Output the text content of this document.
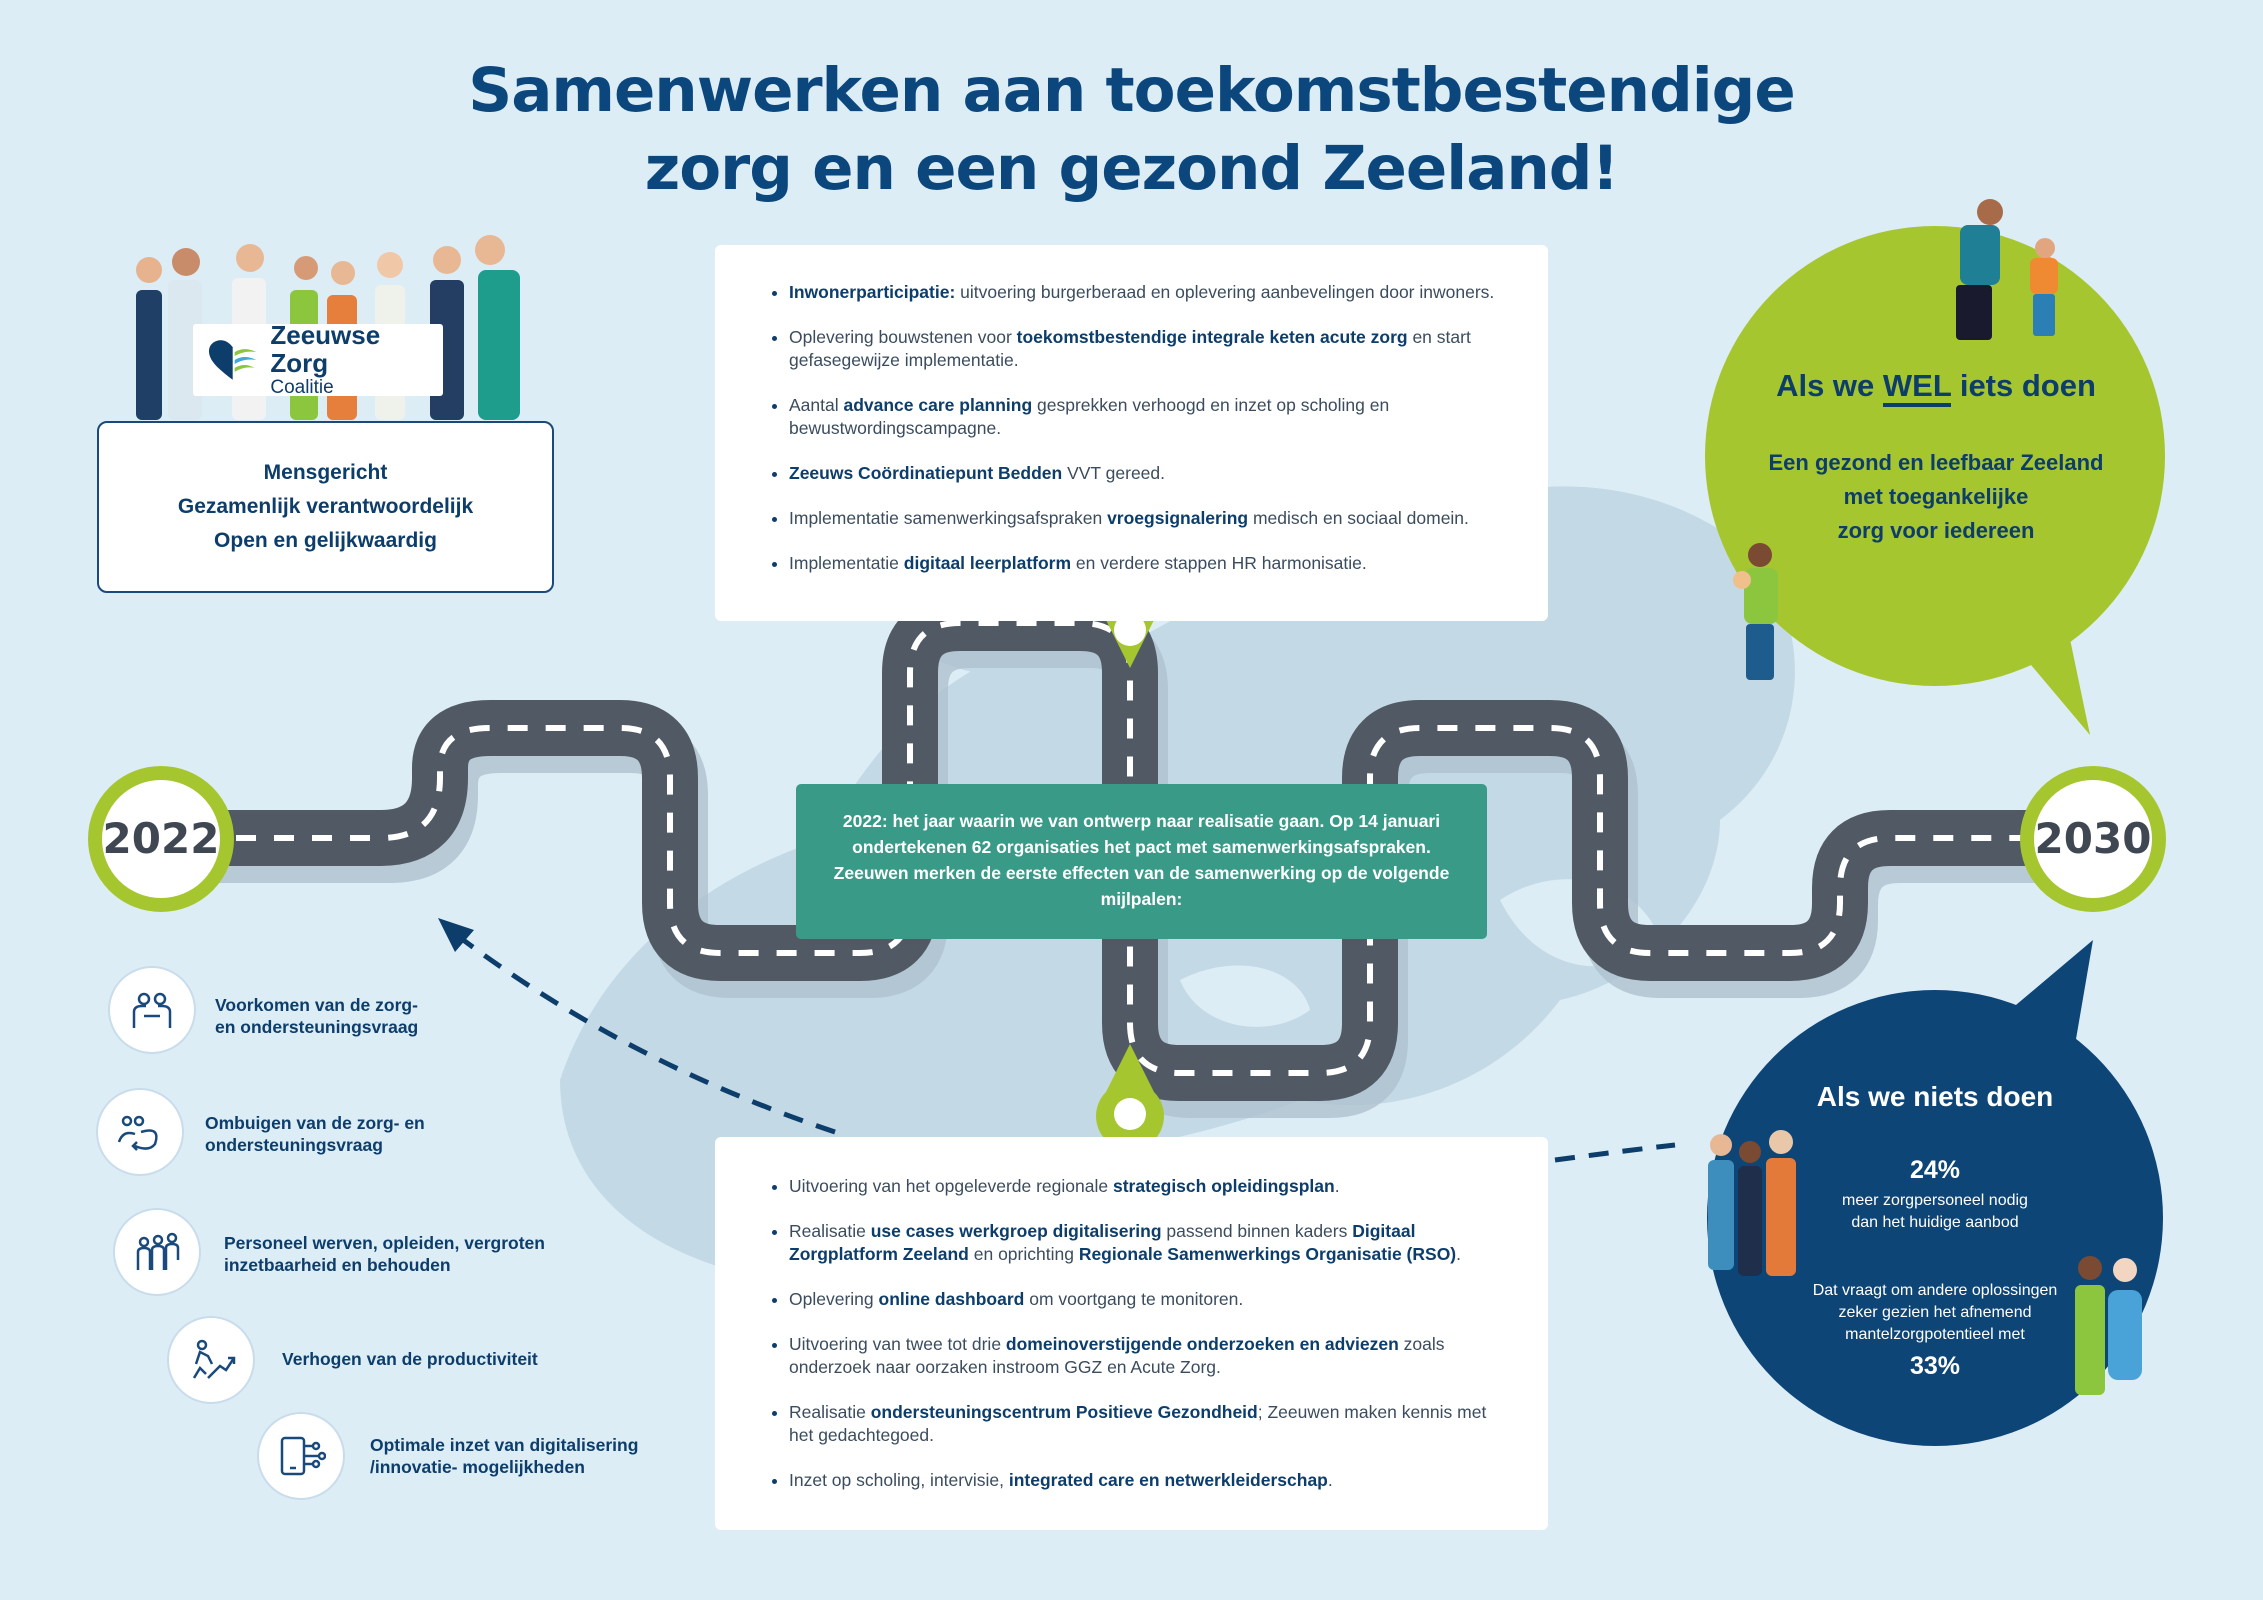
Samenwerken aan toekomstbestendige
zorg en een gezond Zeeland!
Zeeuwse Zorg
Coalitie
Mensgericht
Gezamenlijk verantwoordelijk
Open en gelijkwaardig
• Inwonerparticipatie: uitvoering burgerberaad en oplevering aanbevelingen door inwoners.
• Oplevering bouwstenen voor toekomstbestendige integrale keten acute zorg en start gefasegewijze implementatie.
• Aantal advance care planning gesprekken verhoogd en inzet op scholing en bewustwordingscampagne.
• Zeeuws Coördinatiepunt Bedden VVT gereed.
• Implementatie samenwerkingsafspraken vroegsignalering medisch en sociaal domein.
• Implementatie digitaal leerplatform en verdere stappen HR harmonisatie.
2022: het jaar waarin we van ontwerp naar realisatie gaan. Op 14 januari ondertekenen 62 organisaties het pact met samenwerkingsafspraken. Zeeuwen merken de eerste effecten van de samenwerking op de volgende mijlpalen:
• Uitvoering van het opgeleverde regionale strategisch opleidingsplan.
• Realisatie use cases werkgroep digitalisering passend binnen kaders Digitaal Zorgplatform Zeeland en oprichting Regionale Samenwerkings Organisatie (RSO).
• Oplevering online dashboard om voortgang te monitoren.
• Uitvoering van twee tot drie domeinoverstijgende onderzoeken en adviezen zoals onderzoek naar oorzaken instroom GGZ en Acute Zorg.
• Realisatie ondersteuningscentrum Positieve Gezondheid; Zeeuwen maken kennis met het gedachtegoed.
• Inzet op scholing, intervisie, integrated care en netwerkleiderschap.
2022	2030
Als we WEL iets doen
Een gezond en leefbaar Zeeland
met toegankelijke
zorg voor iedereen
Als we niets doen
24%
meer zorgpersoneel nodig
dan het huidige aanbod
Dat vraagt om andere oplossingen
zeker gezien het afnemend
mantelzorgpotentieel met
33%
Voorkomen van de zorg-
en ondersteuningsvraag
Ombuigen van de zorg- en
ondersteuningsvraag
Personeel werven, opleiden, vergroten
inzetbaarheid en behouden
Verhogen van de productiviteit
Optimale inzet van digitalisering
/innovatie- mogelijkheden
